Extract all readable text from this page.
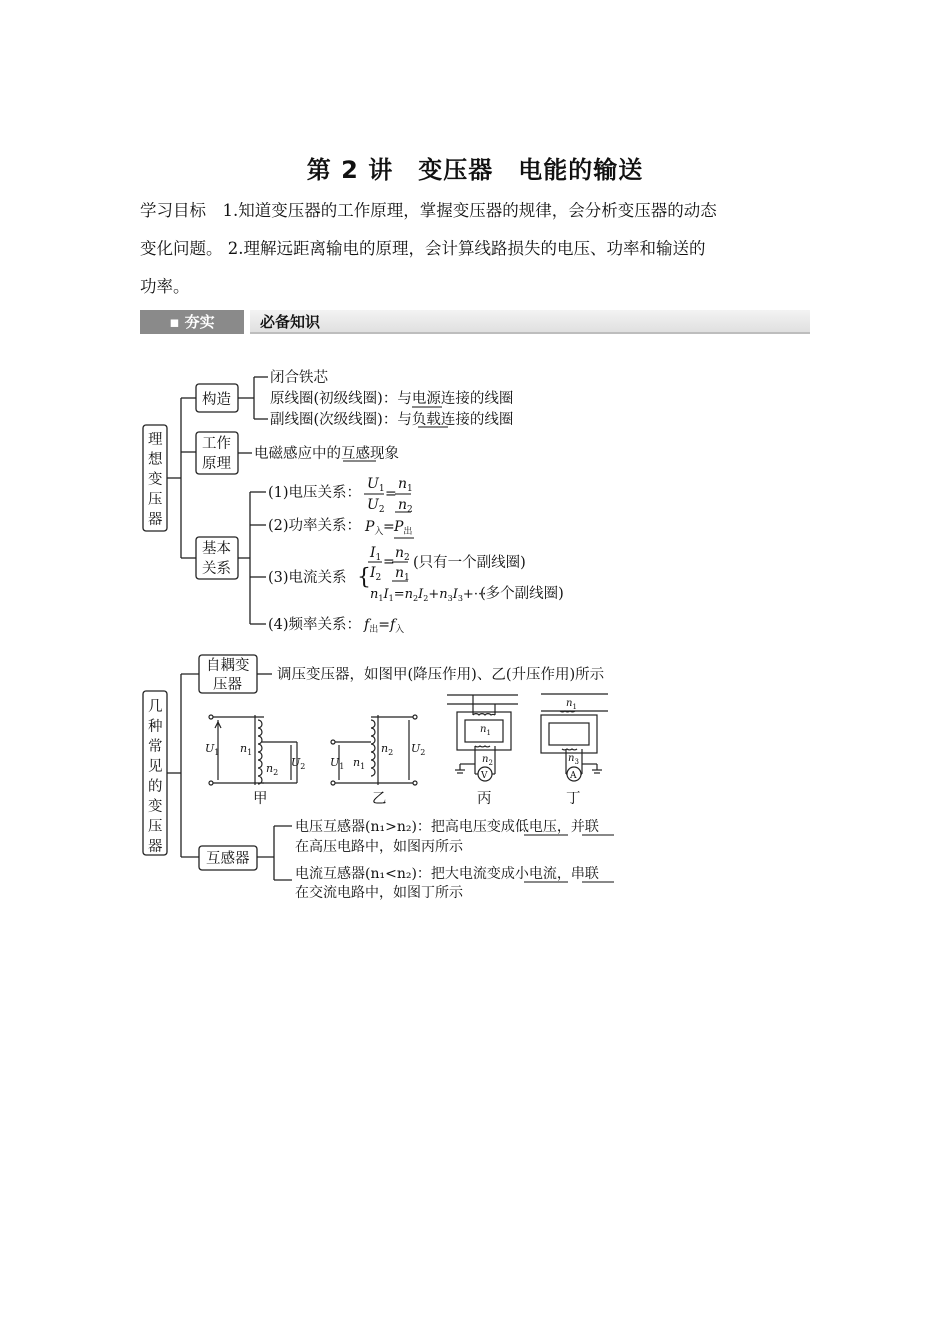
第 2 讲　变压器　电能的输送
学习目标　1.知道变压器的工作原理，掌握变压器的规律，会分析变压器的动态
变化问题。 2.理解远距离输电的原理，会计算线路损失的电压、功率和输送的
功率。
▪ 夯实	必备知识
理
想
变
压
器
构造
工作
原理
基本
关系
闭合铁芯
原线圈(初级线圈)：与电源连接的线圈
副线圈(次级线圈)：与负载连接的线圈
电磁感应中的互感现象
(1)电压关系：
(2)功率关系：
(3)电流关系
(4)频率关系：
(只有一个副线圈)
(多个副线圈)
$U_1$
$U_2$
=
$n_1$
$n_2$
$P_入 = P_出$
{
$I_1$
$I_2$
=
$n_2$
$n_1$
$n_1I_1=n_2I_2+n_3I_3+\cdot\cdot\cdot$
$f_出=f_入$
几
种
常
见
的
变
压
器
自耦变
压器
调压变压器，如图甲(降压作用)、乙(升压作用)所示
互感器
电压互感器(n₁>n₂)：把高电压变成低电压，并联
在高压电路中，如图丙所示
电流互感器(n₁<n₂)：把大电流变成小电流，串联
在交流电路中，如图丁所示
甲	乙	丙	丁
$U_1$ $n_1$
$n_2$
$U_2$ $U_1$ $n_1$
$n_2$ $U_2$
$n_1$
$n_2$
V
$n_1$
$n_3$
A
